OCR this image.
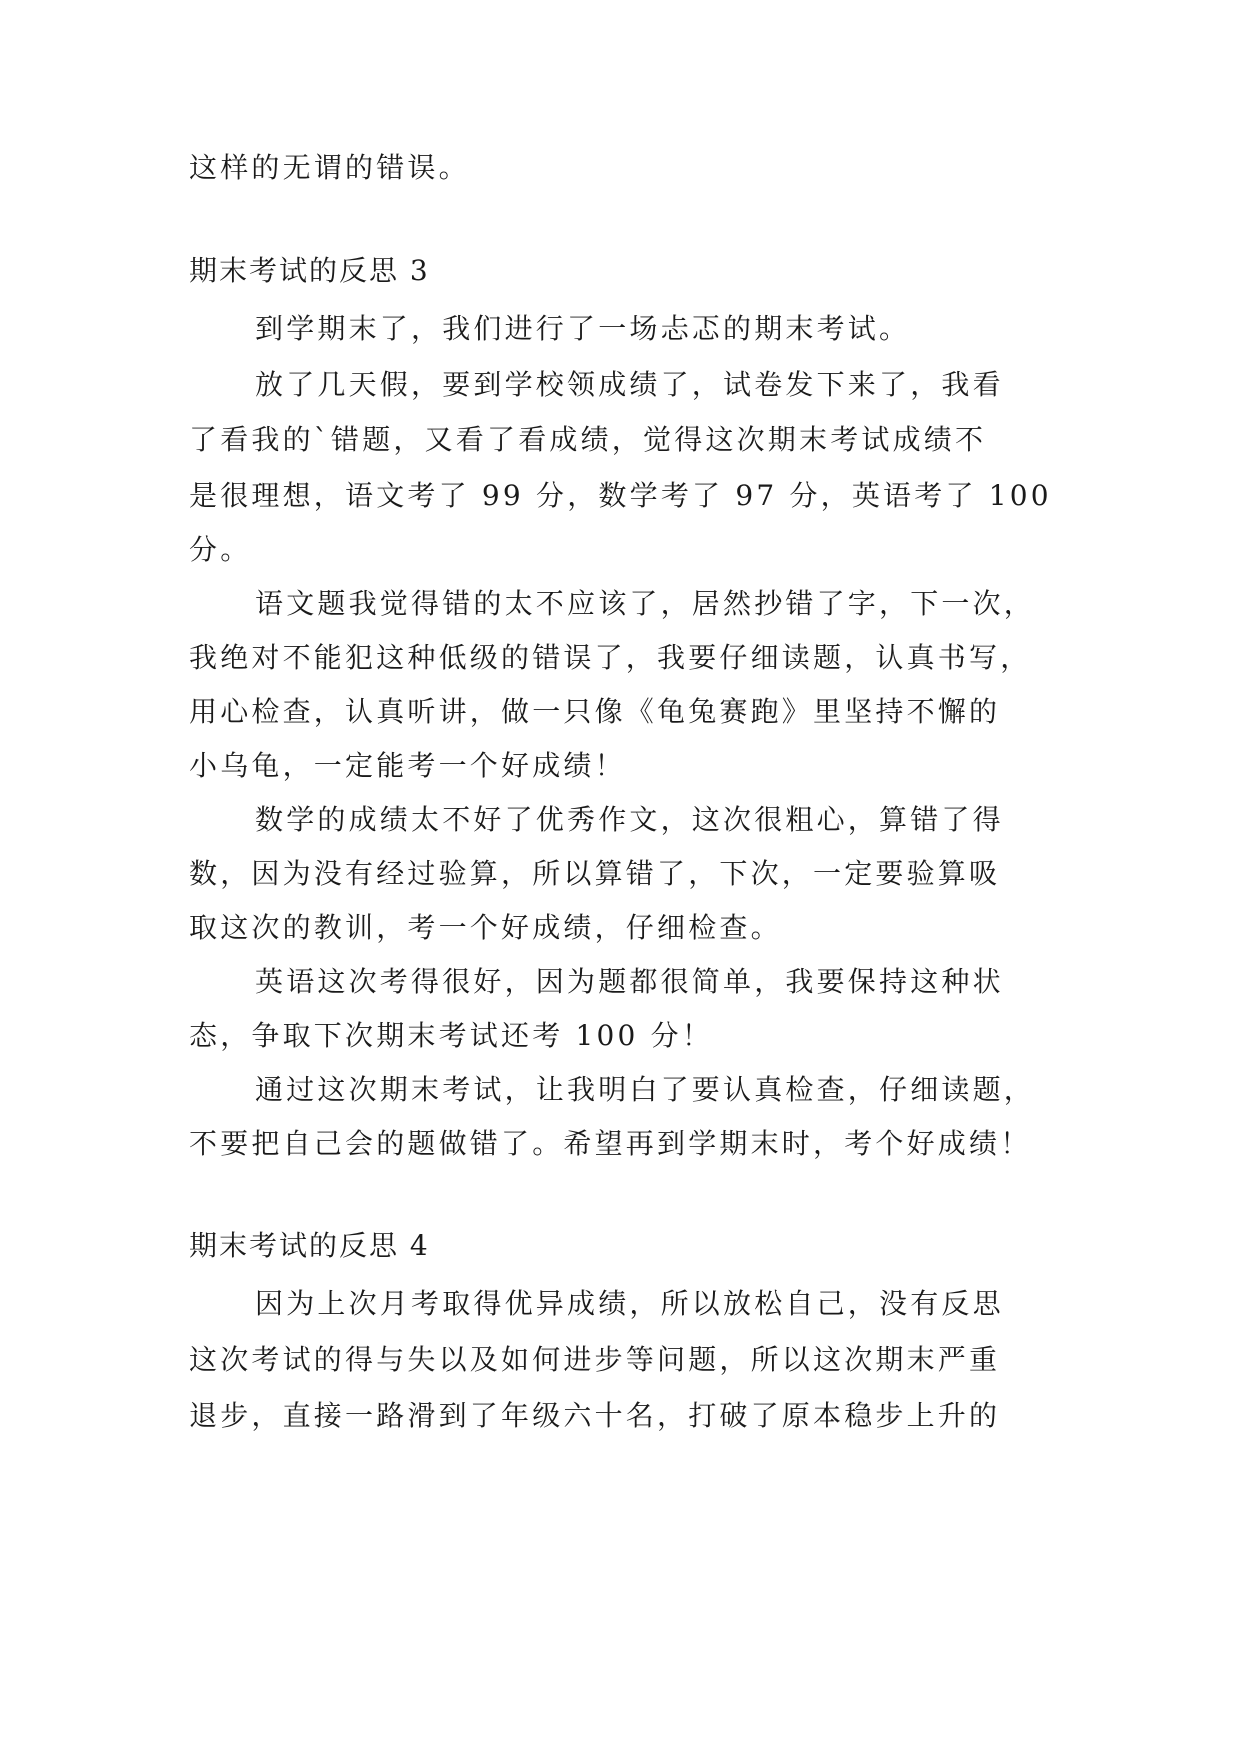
这样的无谓的错误。
期末考试的反思 3
到学期末了，我们进行了一场忐忑的期末考试。
放了几天假，要到学校领成绩了，试卷发下来了，我看
了看我的`错题，又看了看成绩，觉得这次期末考试成绩不
是很理想，语文考了 99 分，数学考了 97 分，英语考了 100
分。
语文题我觉得错的太不应该了，居然抄错了字，下一次，
我绝对不能犯这种低级的错误了，我要仔细读题，认真书写，
用心检查，认真听讲，做一只像《龟兔赛跑》里坚持不懈的
小乌龟，一定能考一个好成绩！
数学的成绩太不好了优秀作文，这次很粗心，算错了得
数，因为没有经过验算，所以算错了，下次，一定要验算吸
取这次的教训，考一个好成绩，仔细检查。
英语这次考得很好，因为题都很简单，我要保持这种状
态，争取下次期末考试还考 100 分！
通过这次期末考试，让我明白了要认真检查，仔细读题，
不要把自己会的题做错了。希望再到学期末时，考个好成绩！
期末考试的反思 4
因为上次月考取得优异成绩，所以放松自己，没有反思
这次考试的得与失以及如何进步等问题，所以这次期末严重
退步，直接一路滑到了年级六十名，打破了原本稳步上升的
